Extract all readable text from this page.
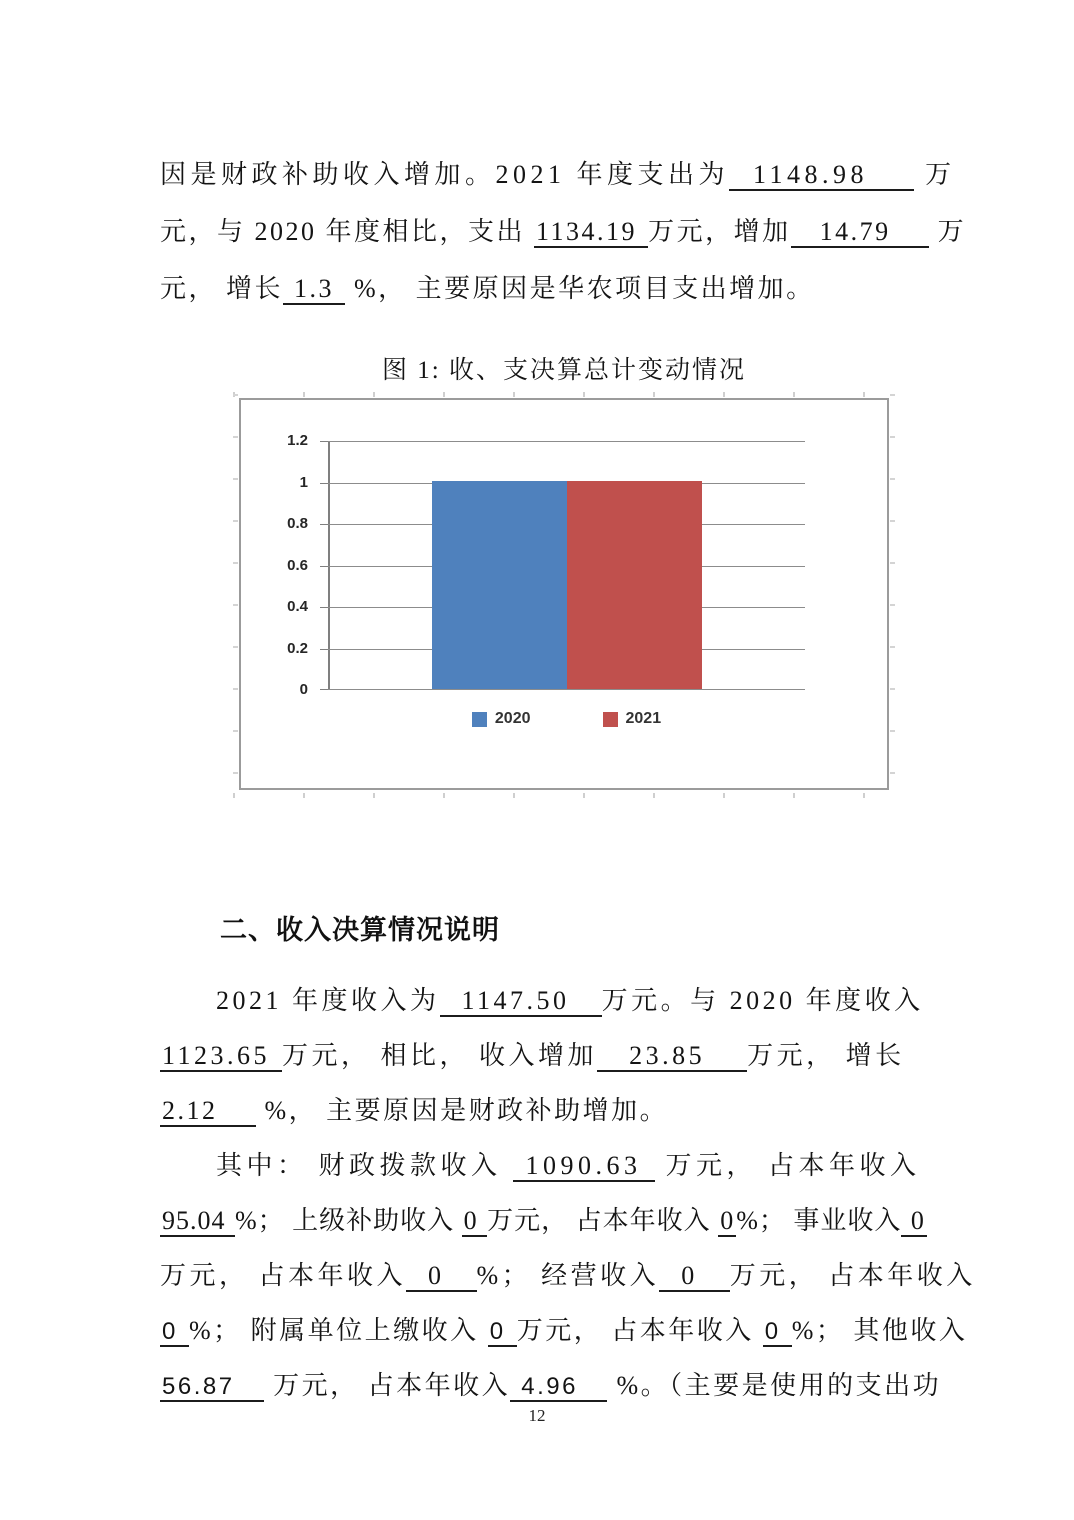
因是财政补助收入增加。2021 年度支出为  1148.98     万
元，与 2020 年度相比，支出 1134.19 万元，增加   14.79     万
元， 增长 1.3  %， 主要原因是华农项目支出增加。
图 1: 收、支决算总计变动情况
0
0.2
0.4
0.6
0.8
1
1.2
2020	2021
二、收入决算情况说明
2021 年度收入为  1147.50   万元。与 2020 年度收入
1123.65 万元， 相比， 收入增加   23.85    万元， 增长
2.12     %， 主要原因是财政补助增加。
其中： 财政拨款收入  1090.63  万元， 占本年收入
95.04 %； 上级补助收入 0 万元， 占本年收入 0%； 事业收入 0
万元， 占本年收入  0   %； 经营收入  0   万元， 占本年收入
0 %； 附属单位上缴收入 0 万元， 占本年收入 0 %； 其他收入
56.87    万元， 占本年收入 4.96    %。（主要是使用的支出功
12
